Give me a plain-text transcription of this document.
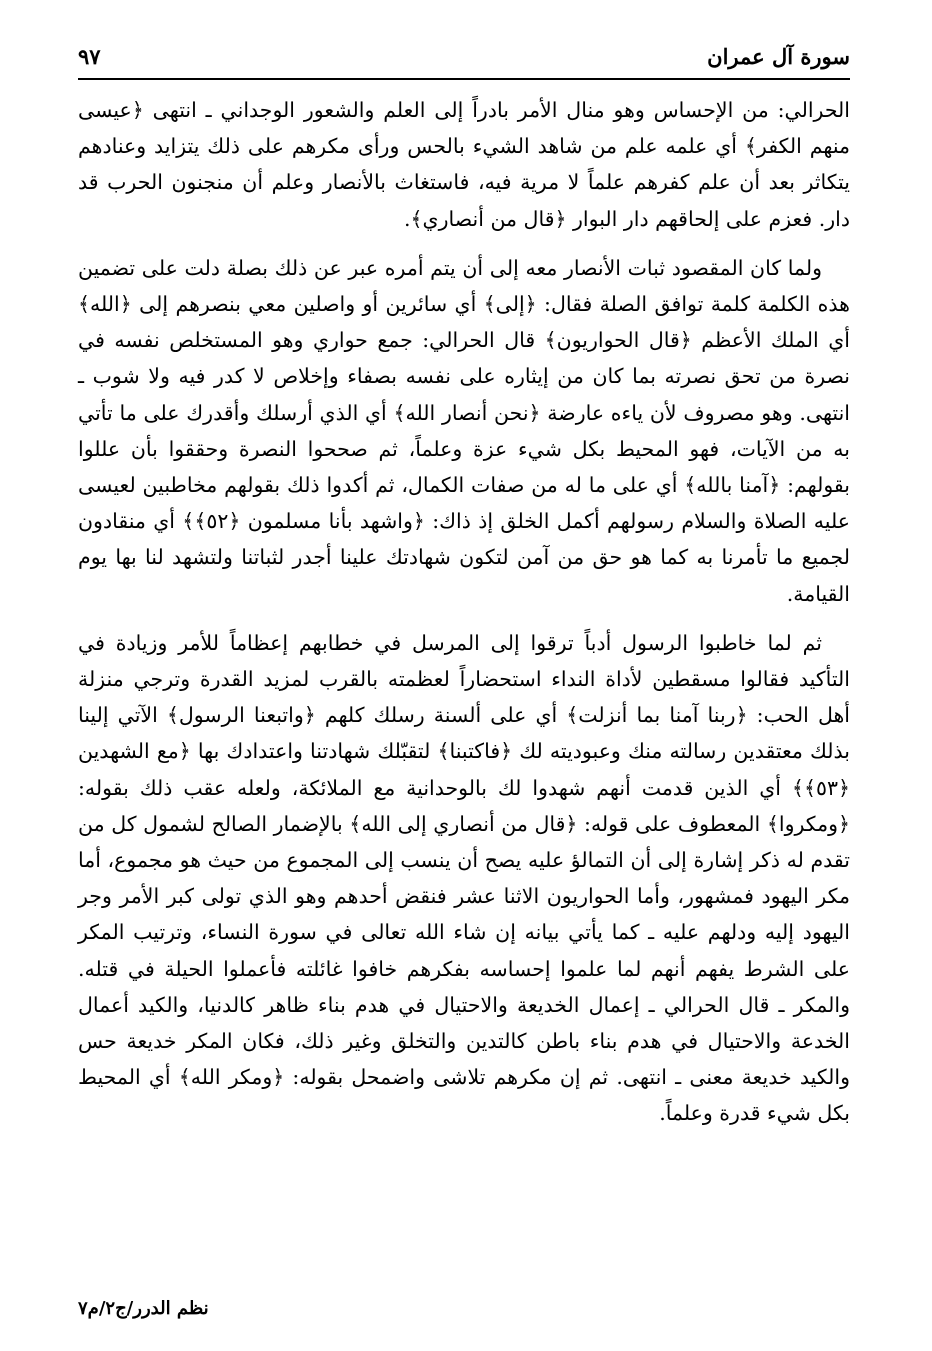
سورة آل عمران
٩٧

الحرالي: من الإحساس وهو منال الأمر بادراً إلى العلم والشعور الوجداني ـ انتهى ﴿عيسى منهم الكفر﴾ أي علمه علم من شاهد الشيء بالحس ورأى مكرهم على ذلك يتزايد وعنادهم يتكاثر بعد أن علم كفرهم علماً لا مرية فيه، فاستغاث بالأنصار وعلم أن منجنون الحرب قد دار. فعزم على إلحاقهم دار البوار ﴿قال من أنصاري﴾.

ولما كان المقصود ثبات الأنصار معه إلى أن يتم أمره عبر عن ذلك بصلة دلت على تضمين هذه الكلمة كلمة توافق الصلة فقال: ﴿إلى﴾ أي سائرين أو واصلين معي بنصرهم إلى ﴿الله﴾ أي الملك الأعظم ﴿قال الحواريون﴾ قال الحرالي: جمع حواري وهو المستخلص نفسه في نصرة من تحق نصرته بما كان من إيثاره على نفسه بصفاء وإخلاص لا كدر فيه ولا شوب ـ انتهى. وهو مصروف لأن ياءه عارضة ﴿نحن أنصار الله﴾ أي الذي أرسلك وأقدرك على ما تأتي به من الآيات، فهو المحيط بكل شيء عزة وعلماً، ثم صححوا النصرة وحققوا بأن عللوا بقولهم: ﴿آمنا بالله﴾ أي على ما له من صفات الكمال، ثم أكدوا ذلك بقولهم مخاطبين لعيسى عليه الصلاة والسلام رسولهم أكمل الخلق إذ ذاك: ﴿واشهد بأنا مسلمون ﴿٥٢﴾﴾ أي منقادون لجميع ما تأمرنا به كما هو حق من آمن لتكون شهادتك علينا أجدر لثباتنا ولتشهد لنا بها يوم القيامة.

ثم لما خاطبوا الرسول أدباً ترقوا إلى المرسل في خطابهم إعظاماً للأمر وزيادة في التأكيد فقالوا مسقطين لأداة النداء استحضاراً لعظمته بالقرب لمزيد القدرة وترجي منزلة أهل الحب: ﴿ربنا آمنا بما أنزلت﴾ أي على ألسنة رسلك كلهم ﴿واتبعنا الرسول﴾ الآتي إلينا بذلك معتقدين رسالته منك وعبوديته لك ﴿فاكتبنا﴾ لتقبّلك شهادتنا واعتدادك بها ﴿مع الشهدين ﴿٥٣﴾﴾ أي الذين قدمت أنهم شهدوا لك بالوحدانية مع الملائكة، ولعله عقب ذلك بقوله: ﴿ومكروا﴾ المعطوف على قوله: ﴿قال من أنصاري إلى الله﴾ بالإضمار الصالح لشمول كل من تقدم له ذكر إشارة إلى أن التمالؤ عليه يصح أن ينسب إلى المجموع من حيث هو مجموع، أما مكر اليهود فمشهور، وأما الحواريون الاثنا عشر فنقض أحدهم وهو الذي تولى كبر الأمر وجر اليهود إليه ودلهم عليه ـ كما يأتي بيانه إن شاء الله تعالى في سورة النساء، وترتيب المكر على الشرط يفهم أنهم لما علموا إحساسه بفكرهم خافوا غائلته فأعملوا الحيلة في قتله. والمكر ـ قال الحرالي ـ إعمال الخديعة والاحتيال في هدم بناء ظاهر كالدنيا، والكيد أعمال الخدعة والاحتيال في هدم بناء باطن كالتدين والتخلق وغير ذلك، فكان المكر خديعة حس والكيد خديعة معنى ـ انتهى. ثم إن مكرهم تلاشى واضمحل بقوله: ﴿ومكر الله﴾ أي المحيط بكل شيء قدرة وعلماً.

نظم الدرر/ج٢/م٧
